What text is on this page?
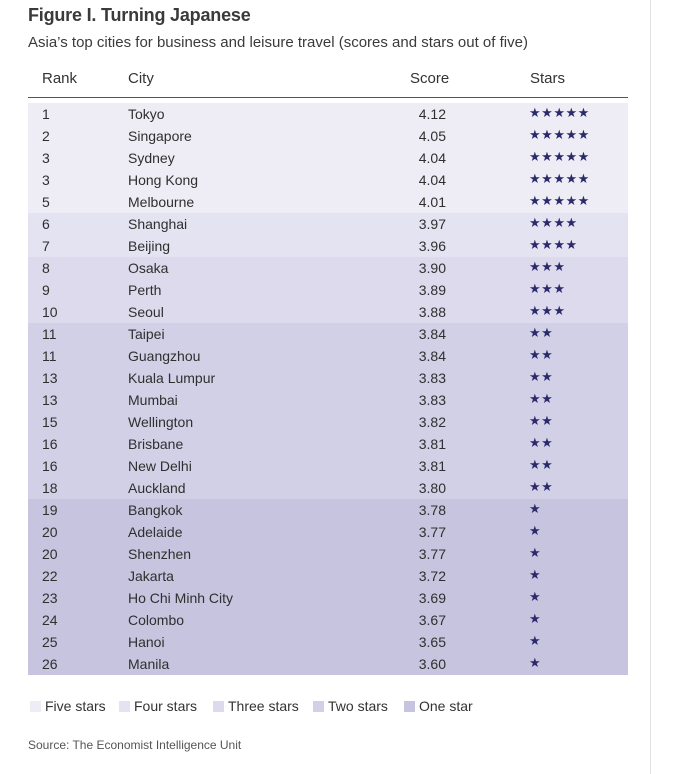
Figure I. Turning Japanese
Asia’s top cities for business and leisure travel (scores and stars out of five)
Rank	City	Score	Stars
1	Tokyo	4.12	★★★★★
2	Singapore	4.05	★★★★★
3	Sydney	4.04	★★★★★
3	Hong Kong	4.04	★★★★★
5	Melbourne	4.01	★★★★★
6	Shanghai	3.97	★★★★
7	Beijing	3.96	★★★★
8	Osaka	3.90	★★★
9	Perth	3.89	★★★
10	Seoul	3.88	★★★
11	Taipei	3.84	★★
11	Guangzhou	3.84	★★
13	Kuala Lumpur	3.83	★★
13	Mumbai	3.83	★★
15	Wellington	3.82	★★
16	Brisbane	3.81	★★
16	New Delhi	3.81	★★
18	Auckland	3.80	★★
19	Bangkok	3.78	★
20	Adelaide	3.77	★
20	Shenzhen	3.77	★
22	Jakarta	3.72	★
23	Ho Chi Minh City	3.69	★
24	Colombo	3.67	★
25	Hanoi	3.65	★
26	Manila	3.60	★
Five stars Four stars Three stars Two stars One star
Source: The Economist Intelligence Unit
